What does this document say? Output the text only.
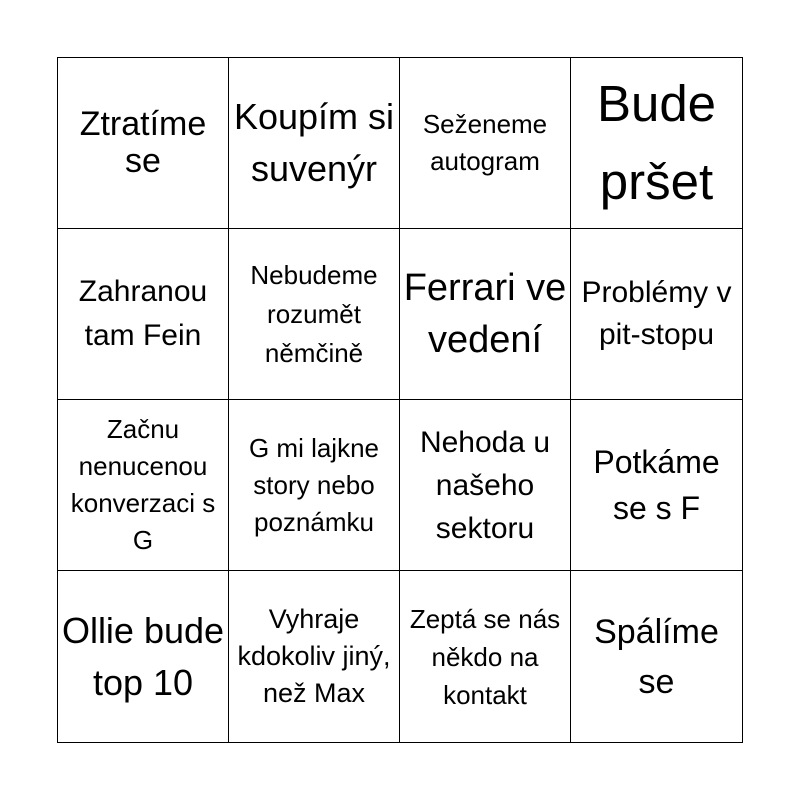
Ztratíme se
Koupím si suvenýr
Seženeme autogram
Bude pršet
Zahranou tam Fein
Nebudeme rozumět němčině
Ferrari ve vedení
Problémy v pit-stopu
Začnu nenucenou konverzaci s G
G mi lajkne story nebo poznámku
Nehoda u našeho sektoru
Potkáme se s F
Ollie bude top 10
Vyhraje kdokoliv jiný, než Max
Zeptá se nás někdo na kontakt
Spálíme se
